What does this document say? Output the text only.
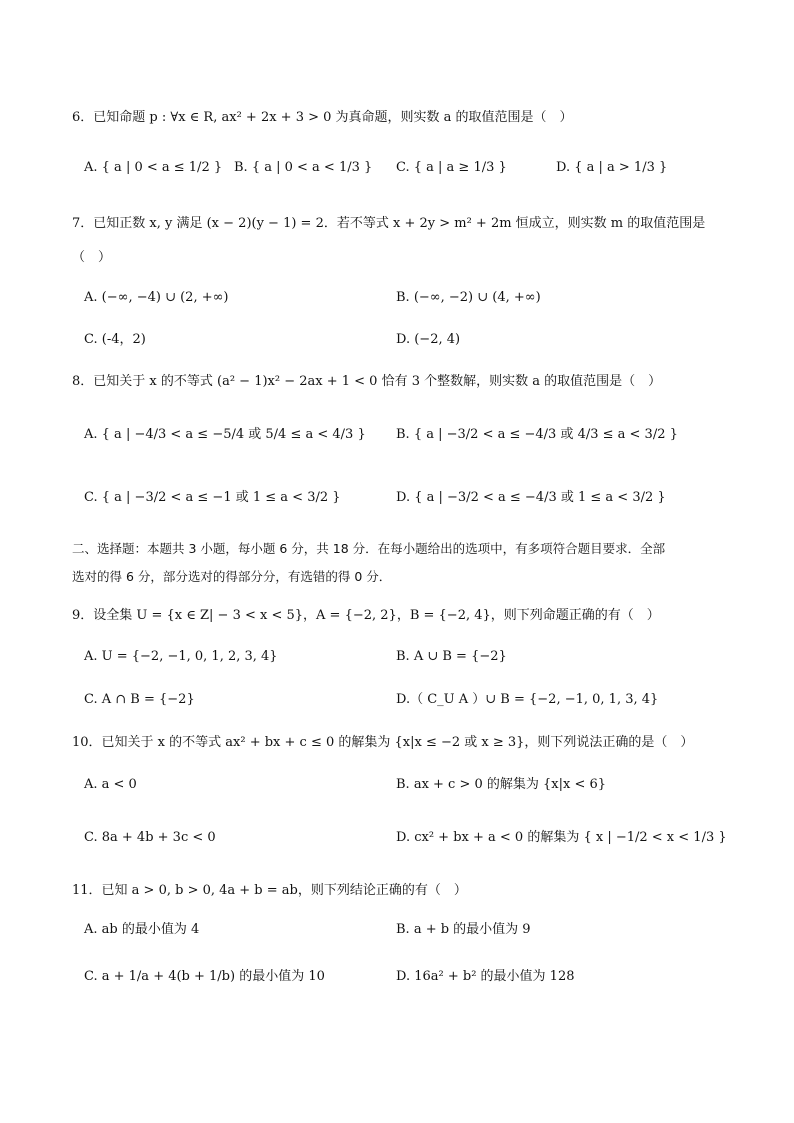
6．已知命题 p : ∀x ∈ R, ax² + 2x + 3 > 0 为真命题，则实数 a 的取值范围是（　）
A. { a | 0 < a ≤ 1/2 } B. { a | 0 < a < 1/3 } C. { a | a ≥ 1/3 }	D. { a | a > 1/3 }
7．已知正数 x, y 满足 (x − 2)(y − 1) = 2．若不等式 x + 2y > m² + 2m 恒成立，则实数 m 的取值范围是
（　）
A. (−∞, −4) ∪ (2, +∞)	B. (−∞, −2) ∪ (4, +∞)
C. (-4，2)	D. (−2, 4)
8．已知关于 x 的不等式 (a² − 1)x² − 2ax + 1 < 0 恰有 3 个整数解，则实数 a 的取值范围是（　）
A. { a | −4/3 < a ≤ −5/4 或 5/4 ≤ a < 4/3 } B. { a | −3/2 < a ≤ −4/3 或 4/3 ≤ a < 3/2 }
C. { a | −3/2 < a ≤ −1 或 1 ≤ a < 3/2 }	D. { a | −3/2 < a ≤ −4/3 或 1 ≤ a < 3/2 }
二、选择题：本题共 3 小题，每小题 6 分，共 18 分．在每小题给出的选项中，有多项符合题目要求．全部
选对的得 6 分，部分选对的得部分分，有选错的得 0 分．
9．设全集 U = {x ∈ Z| − 3 < x < 5}，A = {−2, 2}，B = {−2, 4}，则下列命题正确的有（　）
A. U = {−2, −1, 0, 1, 2, 3, 4}	B. A ∪ B = {−2}
C. A ∩ B = {−2}	D.（ C_U A ）∪ B = {−2, −1, 0, 1, 3, 4}
10．已知关于 x 的不等式 ax² + bx + c ≤ 0 的解集为 {x|x ≤ −2 或 x ≥ 3}，则下列说法正确的是（　）
A. a < 0	B. ax + c > 0 的解集为 {x|x < 6}
C. 8a + 4b + 3c < 0	D. cx² + bx + a < 0 的解集为 { x | −1/2 < x < 1/3 }
11．已知 a > 0, b > 0, 4a + b = ab，则下列结论正确的有（　）
A. ab 的最小值为 4	B. a + b 的最小值为 9
C. a + 1/a + 4(b + 1/b) 的最小值为 10	D. 16a² + b² 的最小值为 128
